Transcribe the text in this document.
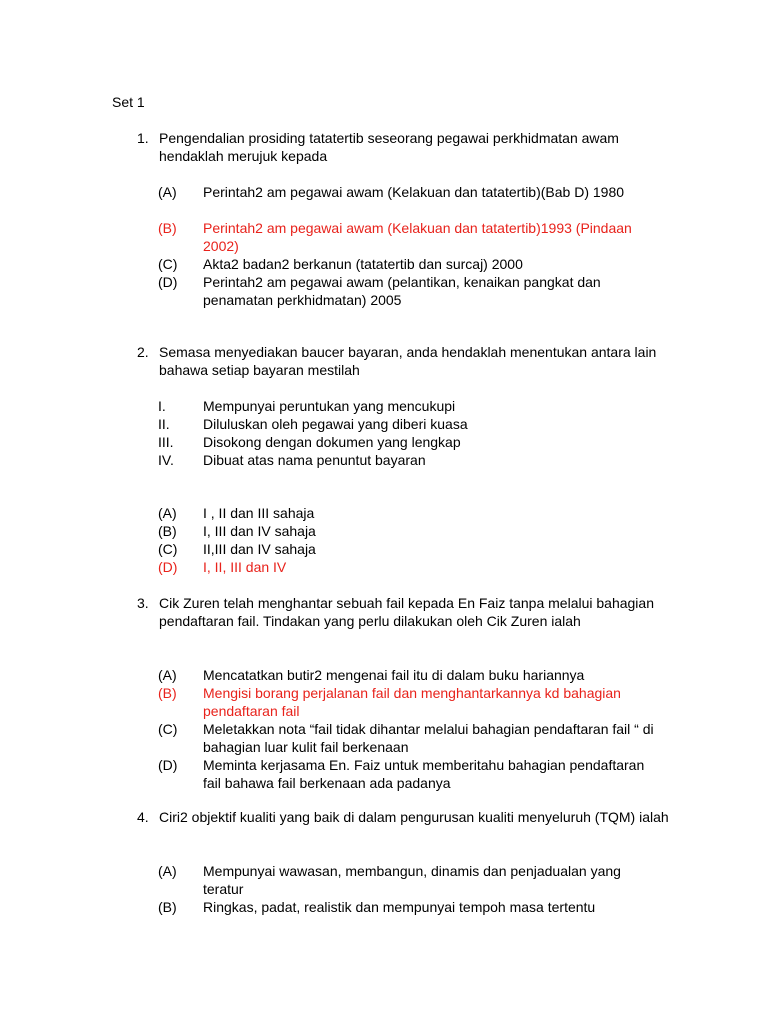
Set 1
1. Pengendalian prosiding tatatertib seseorang pegawai perkhidmatan awam hendaklah merujuk kepada
(A) Perintah2 am pegawai awam (Kelakuan dan tatatertib)(Bab D) 1980
(B) Perintah2 am pegawai awam (Kelakuan dan tatatertib)1993 (Pindaan 2002)
(C) Akta2 badan2 berkanun (tatatertib dan surcaj) 2000
(D) Perintah2 am pegawai awam (pelantikan, kenaikan pangkat dan penamatan perkhidmatan) 2005
2. Semasa menyediakan baucer bayaran, anda hendaklah menentukan antara lain bahawa setiap bayaran mestilah
I.	Mempunyai peruntukan yang mencukupi
II. Diluluskan oleh pegawai yang diberi kuasa
III. Disokong dengan dokumen yang lengkap
IV. Dibuat atas nama penuntut bayaran
(A) I , II dan III sahaja
(B) I, III dan IV sahaja
(C) II,III dan IV sahaja
(D) I, II, III dan IV
3. Cik Zuren telah menghantar sebuah fail kepada En Faiz tanpa melalui bahagian pendaftaran fail. Tindakan yang perlu dilakukan oleh Cik Zuren ialah
(A) Mencatatkan butir2 mengenai fail itu di dalam buku hariannya
(B) Mengisi borang perjalanan fail dan menghantarkannya kd bahagian pendaftaran fail
(C) Meletakkan nota “fail tidak dihantar melalui bahagian pendaftaran fail “ di bahagian luar kulit fail berkenaan
(D) Meminta kerjasama En. Faiz untuk memberitahu bahagian pendaftaran fail bahawa fail berkenaan ada padanya
4. Ciri2 objektif kualiti yang baik di dalam pengurusan kualiti menyeluruh (TQM) ialah
(A) Mempunyai wawasan, membangun, dinamis dan penjadualan yang teratur
(B) Ringkas, padat, realistik dan mempunyai tempoh masa tertentu
